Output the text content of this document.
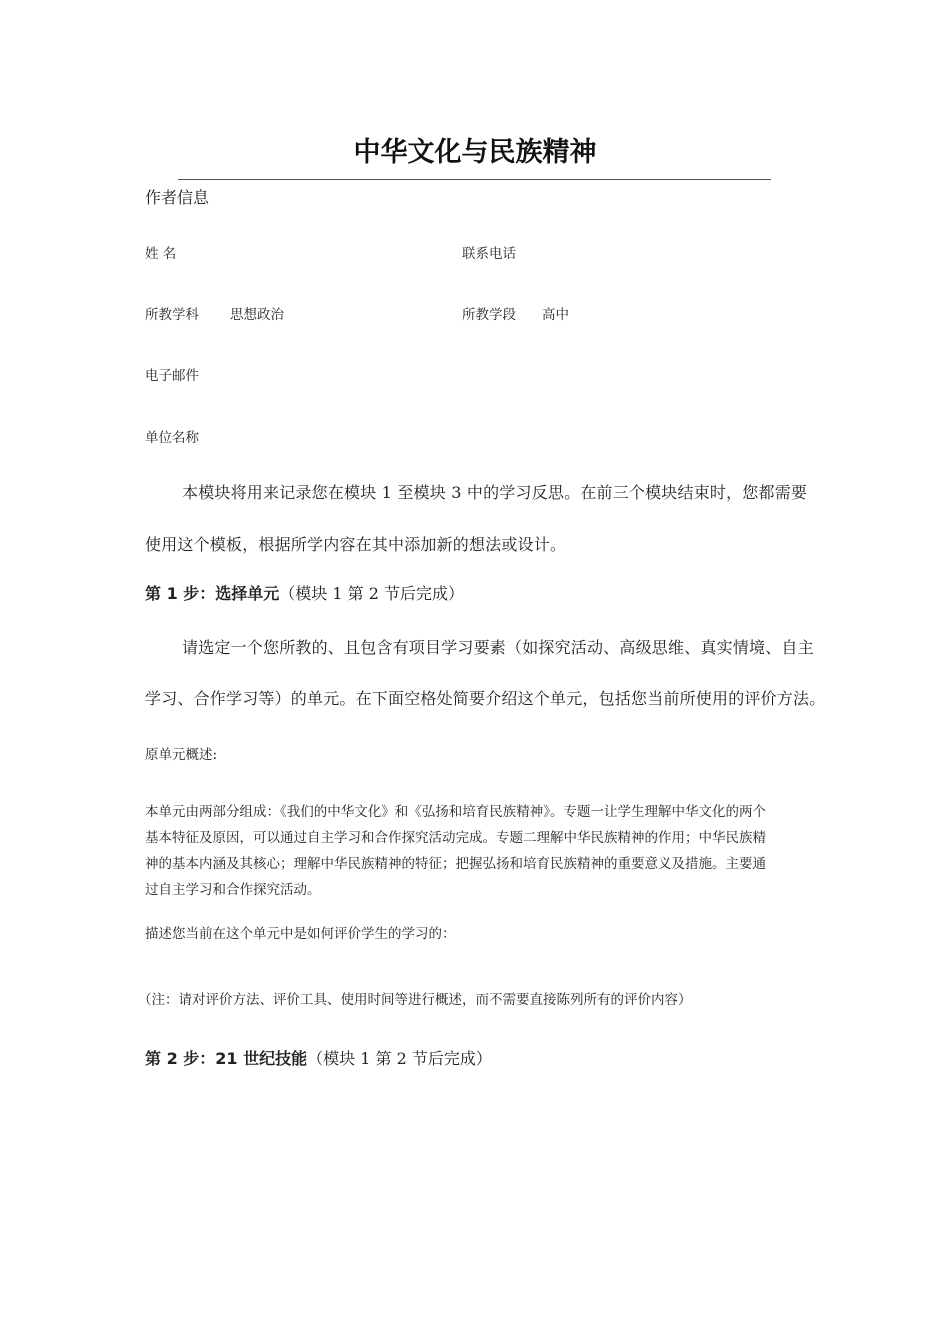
中华文化与民族精神
作者信息
姓 名	联系电话
所教学科 思想政治	所教学段 高中
电子邮件
单位名称
本模块将用来记录您在模块 1 至模块 3 中的学习反思。在前三个模块结束时，您都需要
使用这个模板，根据所学内容在其中添加新的想法或设计。
第 1 步：选择单元（模块 1 第 2 节后完成）
请选定一个您所教的、且包含有项目学习要素（如探究活动、高级思维、真实情境、自主
学习、合作学习等）的单元。在下面空格处简要介绍这个单元，包括您当前所使用的评价方法。
原单元概述:
本单元由两部分组成：《我们的中华文化》和《弘扬和培育民族精神》。专题一让学生理解中华文化的两个
基本特征及原因，可以通过自主学习和合作探究活动完成。专题二理解中华民族精神的作用；中华民族精
神的基本内涵及其核心；理解中华民族精神的特征；把握弘扬和培育民族精神的重要意义及措施。主要通
过自主学习和合作探究活动。
描述您当前在这个单元中是如何评价学生的学习的：
（注：请对评价方法、评价工具、使用时间等进行概述，而不需要直接陈列所有的评价内容）
第 2 步：21 世纪技能（模块 1 第 2 节后完成）
